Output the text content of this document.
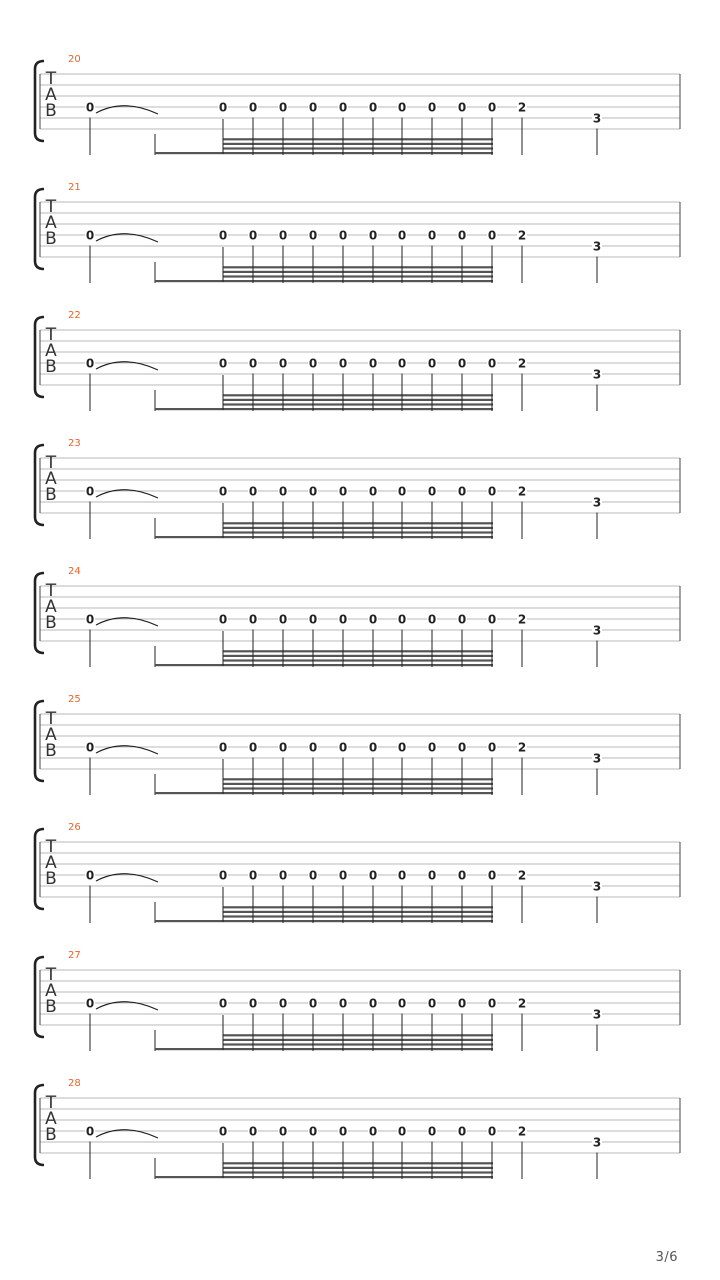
T
A
B
20
0	0 0 0 0 0 0 0 0 0 0 2
3
T
A
B
21
0	0 0 0 0 0 0 0 0 0 0 2
3
T
A
B
22
0	0 0 0 0 0 0 0 0 0 0 2
3
T
A
B
23
0	0 0 0 0 0 0 0 0 0 0 2
3
T
A
B
24
0	0 0 0 0 0 0 0 0 0 0 2
3
T
A
B
25
0	0 0 0 0 0 0 0 0 0 0 2
3
T
A
B
26
0	0 0 0 0 0 0 0 0 0 0 2
3
T
A
B
27
0	0 0 0 0 0 0 0 0 0 0 2
3
T
A
B
28
0	0 0 0 0 0 0 0 0 0 0 2
3
3/6
